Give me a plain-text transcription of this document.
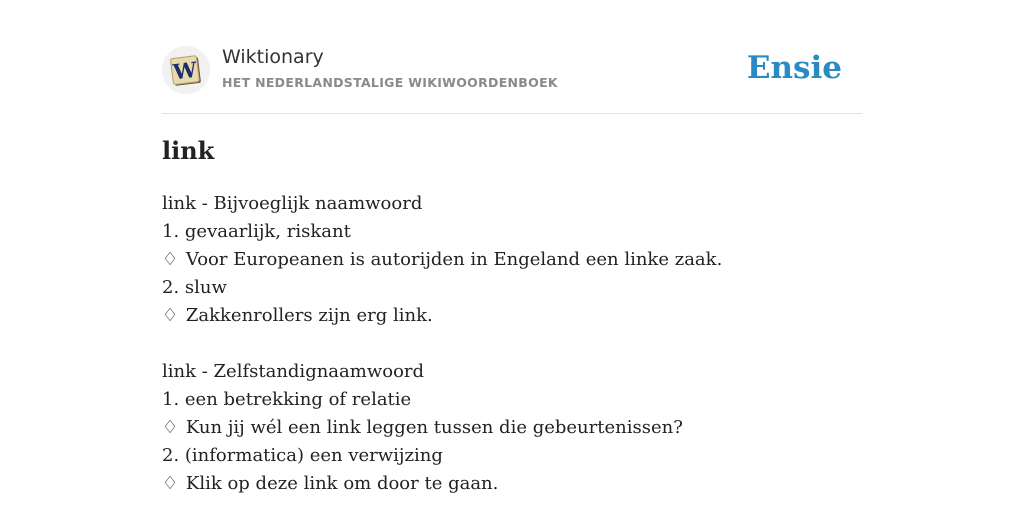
W Wiktionary
HET NEDERLANDSTALIGE WIKIWOORDENBOEK	Ensie
link
link - Bijvoeglijk naamwoord
1. gevaarlijk, riskant
♢ Voor Europeanen is autorijden in Engeland een linke zaak.
2. sluw
♢ Zakkenrollers zijn erg link.
link - Zelfstandignaamwoord
1. een betrekking of relatie
♢ Kun jij wél een link leggen tussen die gebeurtenissen?
2. (informatica) een verwijzing
♢ Klik op deze link om door te gaan.
